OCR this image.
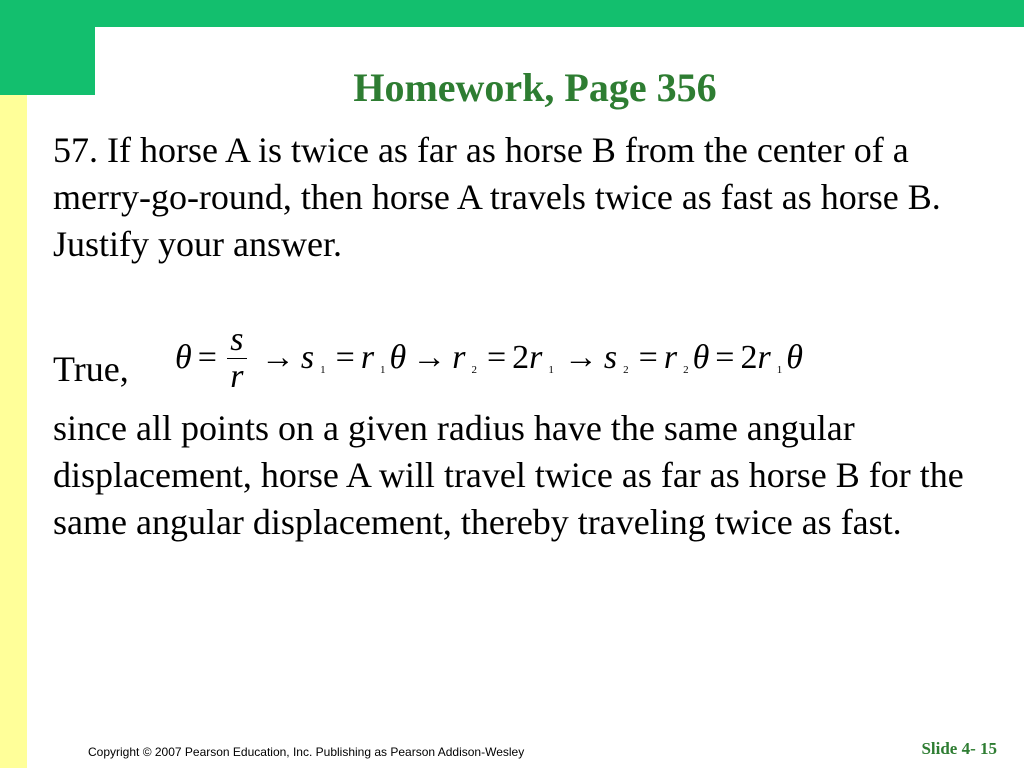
Homework, Page 356

57. If horse A is twice as far as horse B from the center of a merry-go-round, then horse A travels twice as fast as horse B. Justify your answer.

True, $\theta = \frac{s}{r} \to s$ 1 = r 1 θ → r 2 = 2 r 1 → s 2 = r 2 θ = 2 r 1 θ

since all points on a given radius have the same angular displacement, horse A will travel twice as far as horse B for the same angular displacement, thereby traveling twice as fast.

Copyright © 2007 Pearson Education, Inc. Publishing as Pearson Addison-Wesley	Slide 4- 15
